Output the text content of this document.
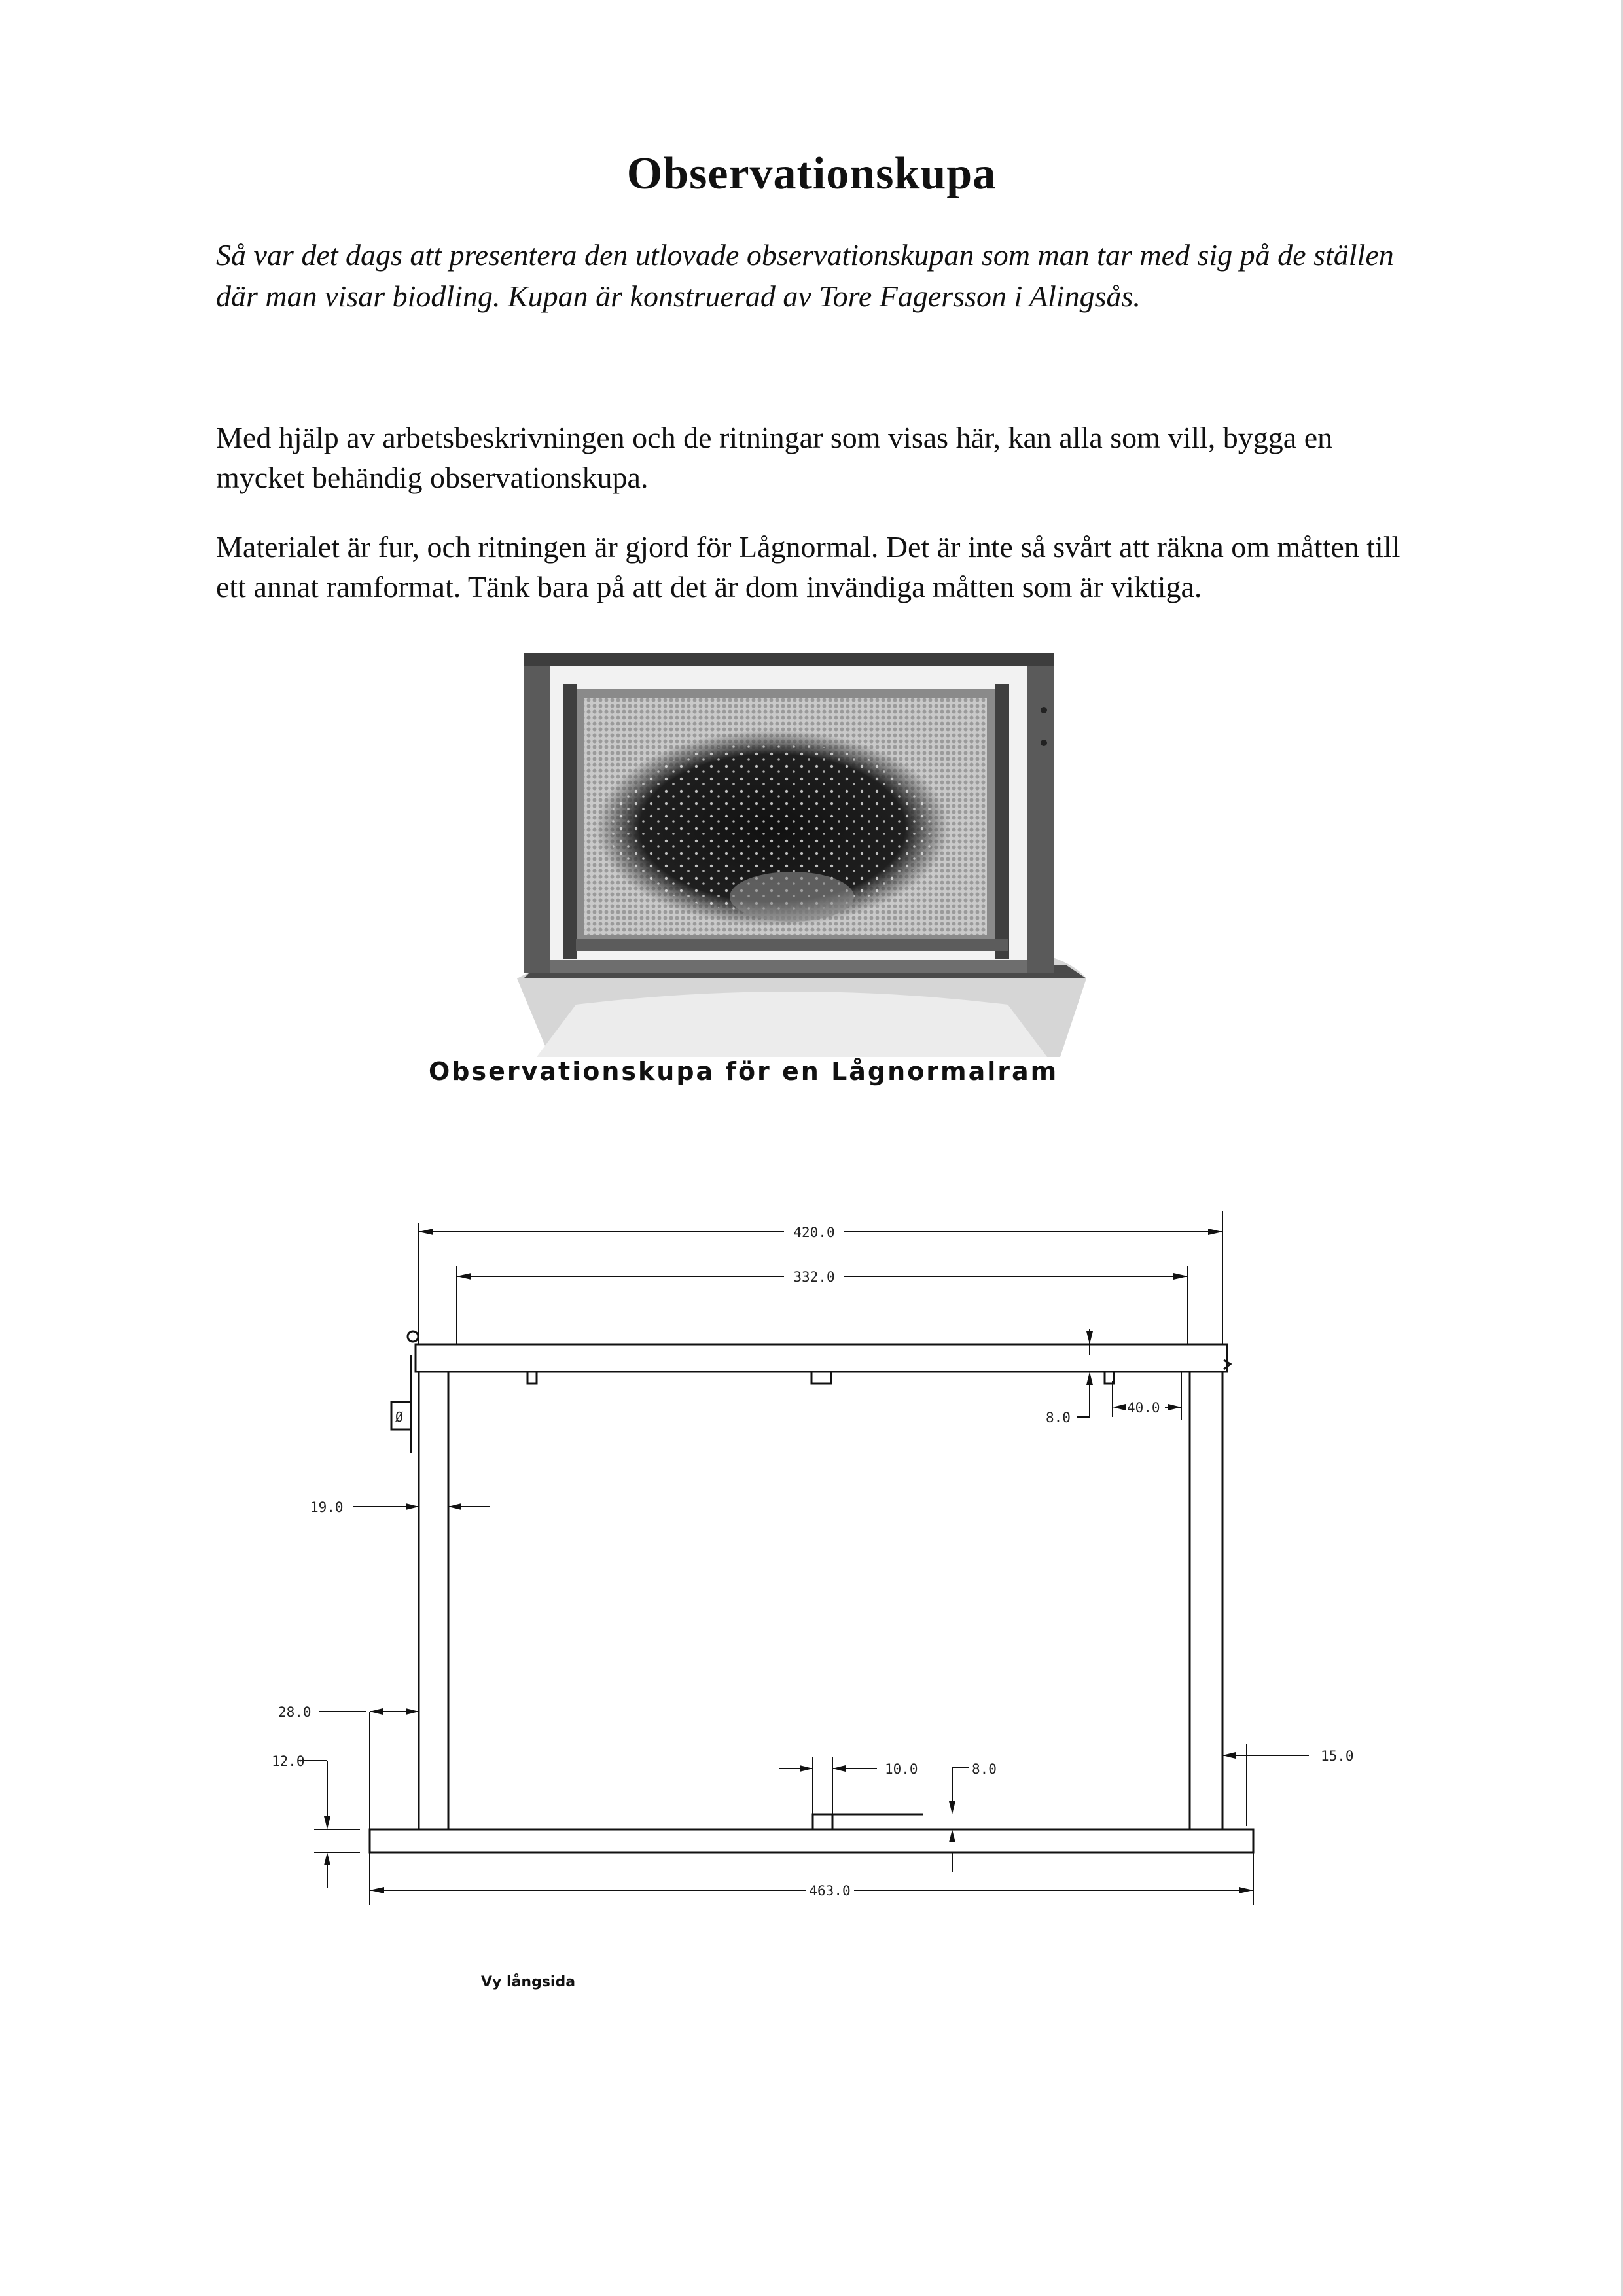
Observationskupa

Så var det dags att presentera den utlovade observationskupan som man tar med sig på de ställen där man visar biodling. Kupan är konstruerad av Tore Fagersson i Alingsås.

Med hjälp av arbetsbeskrivningen och de ritningar som visas här, kan alla som vill, bygga en mycket behändig observationskupa.

Materialet är fur, och ritningen är gjord för Lågnormal. Det är inte så svårt att räkna om måtten till ett annat ramformat. Tänk bara på att det är dom invändiga måtten som är viktiga.

Observationskupa för en Lågnormalram
420.0
332.0
8.0
40.0
19.0
28.0
12.0	10.0	8.0
15.0
463.0
Ø
Vy långsida
